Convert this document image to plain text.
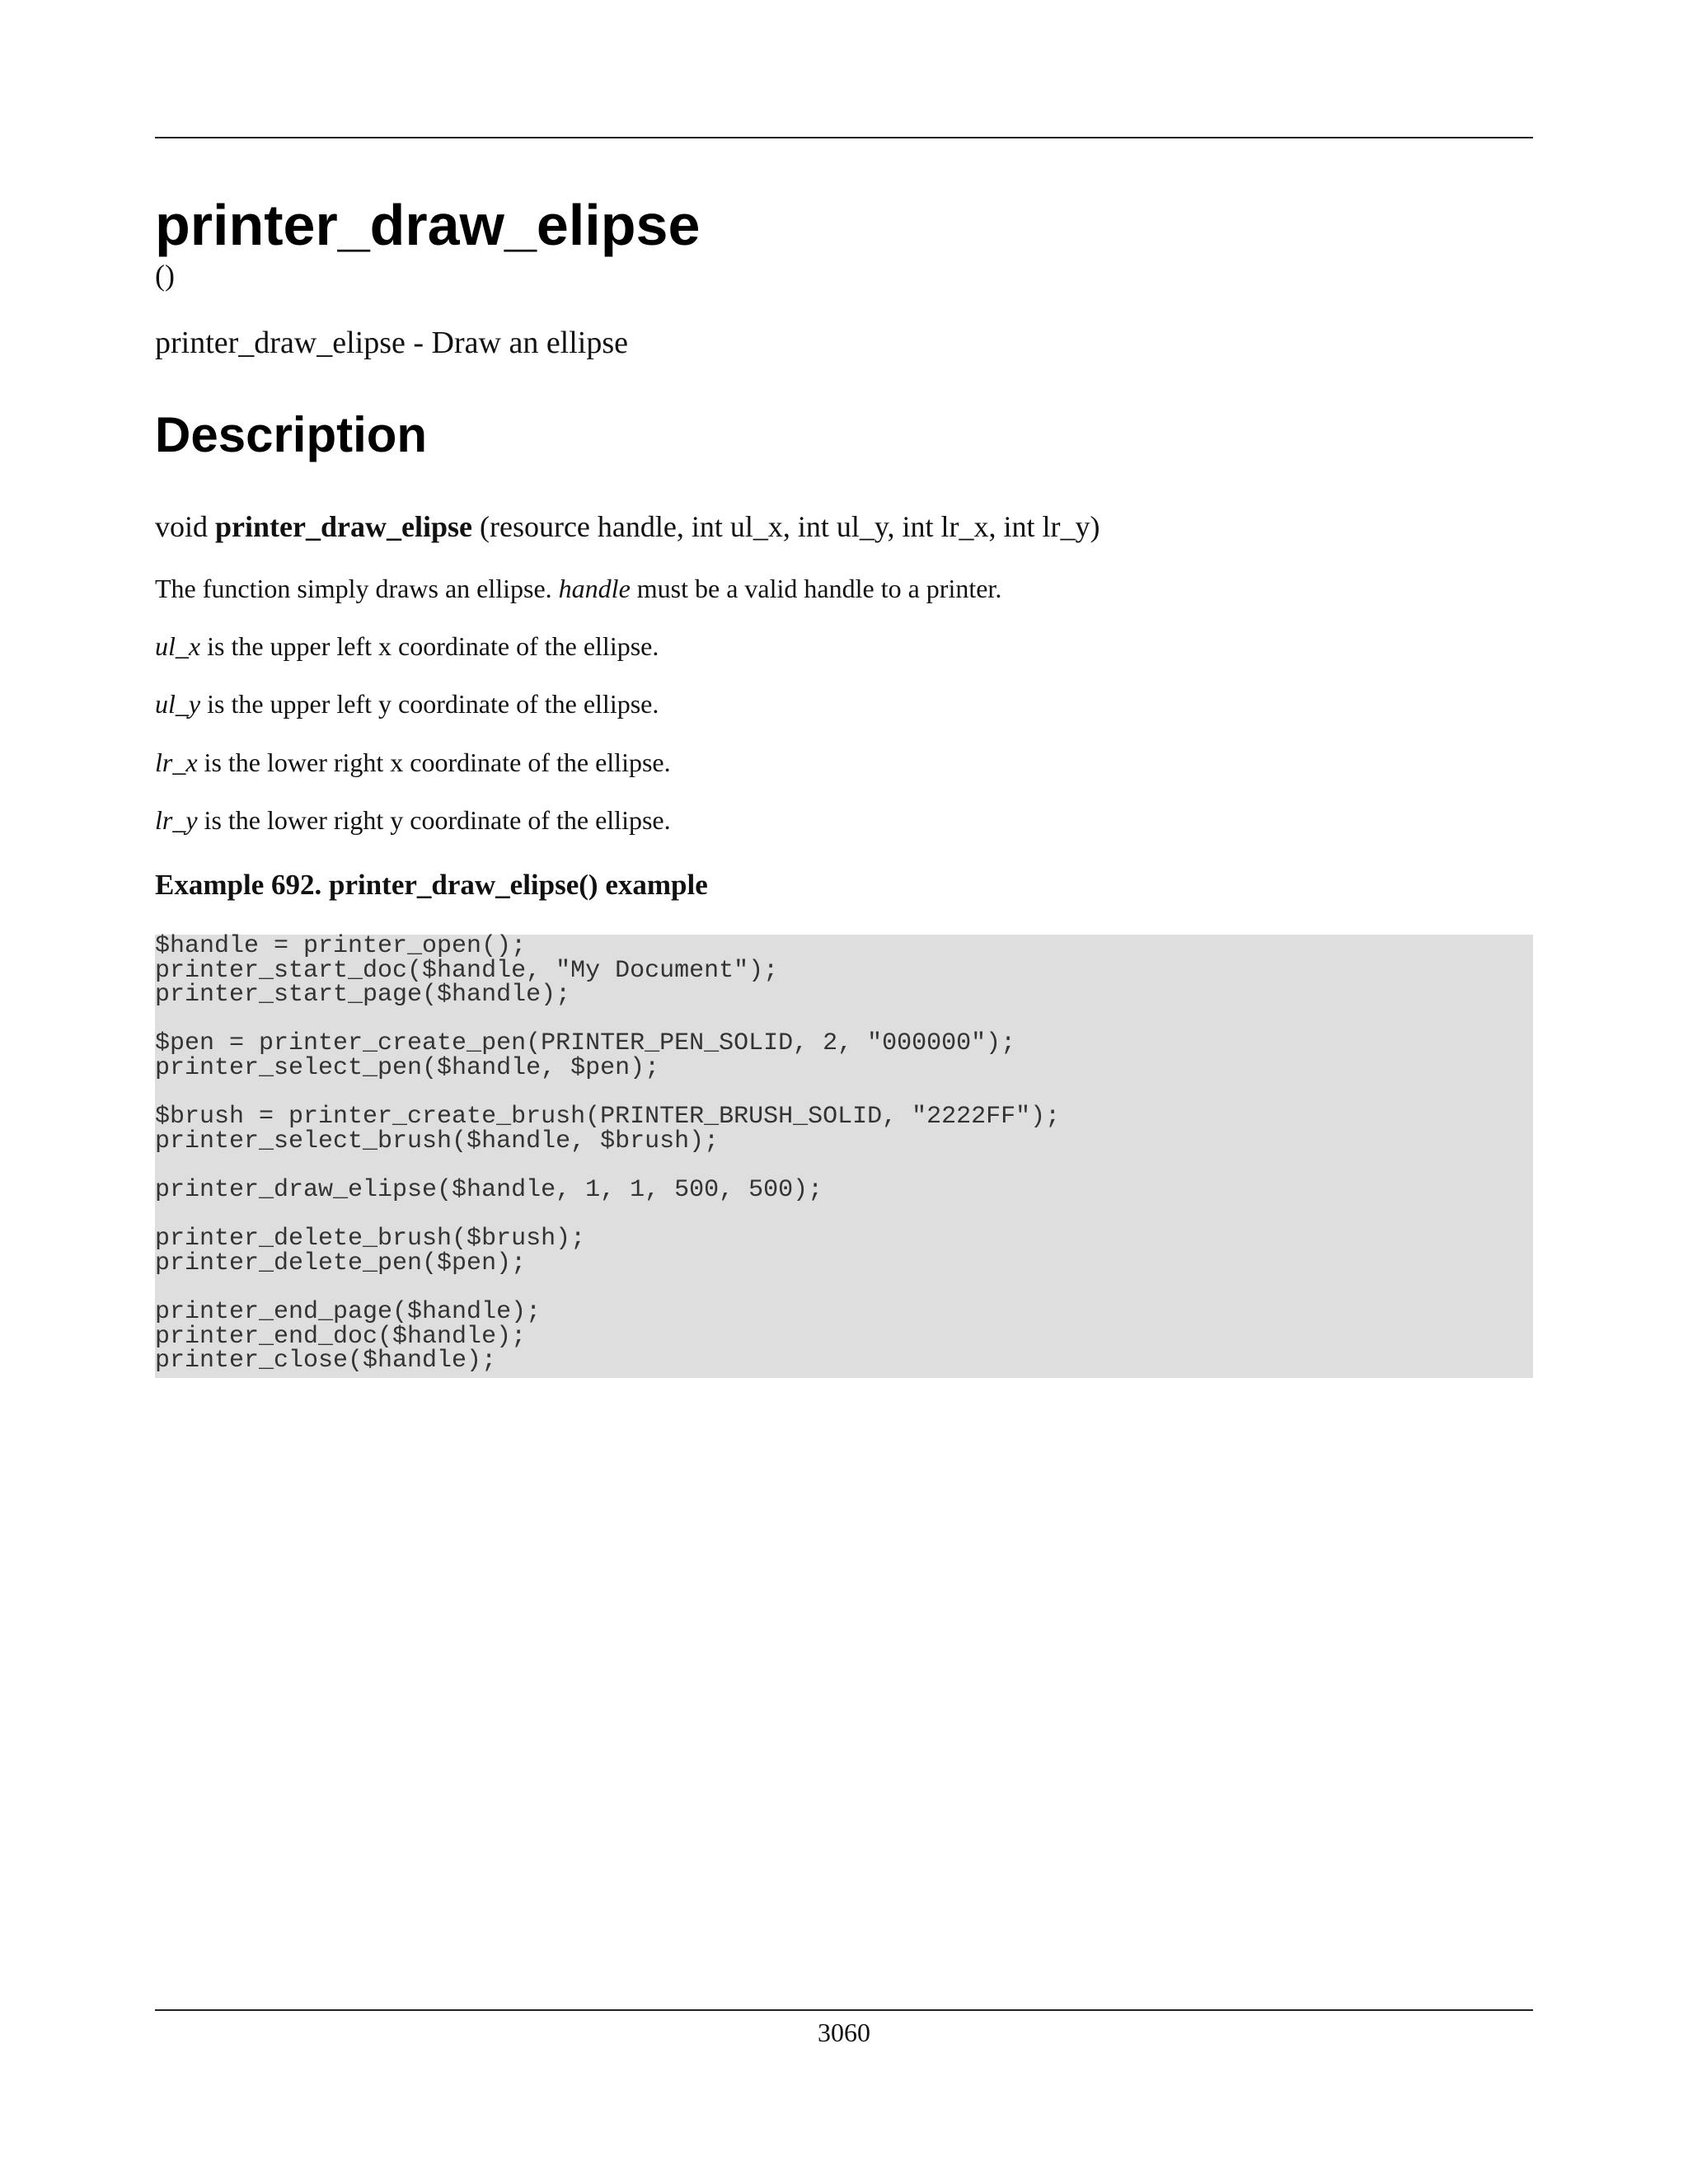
printer_draw_elipse
()
printer_draw_elipse - Draw an ellipse
Description
void printer_draw_elipse (resource handle, int ul_x, int ul_y, int lr_x, int lr_y)
The function simply draws an ellipse. handle must be a valid handle to a printer.
ul_x is the upper left x coordinate of the ellipse.
ul_y is the upper left y coordinate of the ellipse.
lr_x is the lower right x coordinate of the ellipse.
lr_y is the lower right y coordinate of the ellipse.
Example 692. printer_draw_elipse() example
$handle = printer_open();
printer_start_doc($handle, "My Document");
printer_start_page($handle);

$pen = printer_create_pen(PRINTER_PEN_SOLID, 2, "000000");
printer_select_pen($handle, $pen);

$brush = printer_create_brush(PRINTER_BRUSH_SOLID, "2222FF");
printer_select_brush($handle, $brush);

printer_draw_elipse($handle, 1, 1, 500, 500);

printer_delete_brush($brush);
printer_delete_pen($pen);

printer_end_page($handle);
printer_end_doc($handle);
printer_close($handle);
3060
